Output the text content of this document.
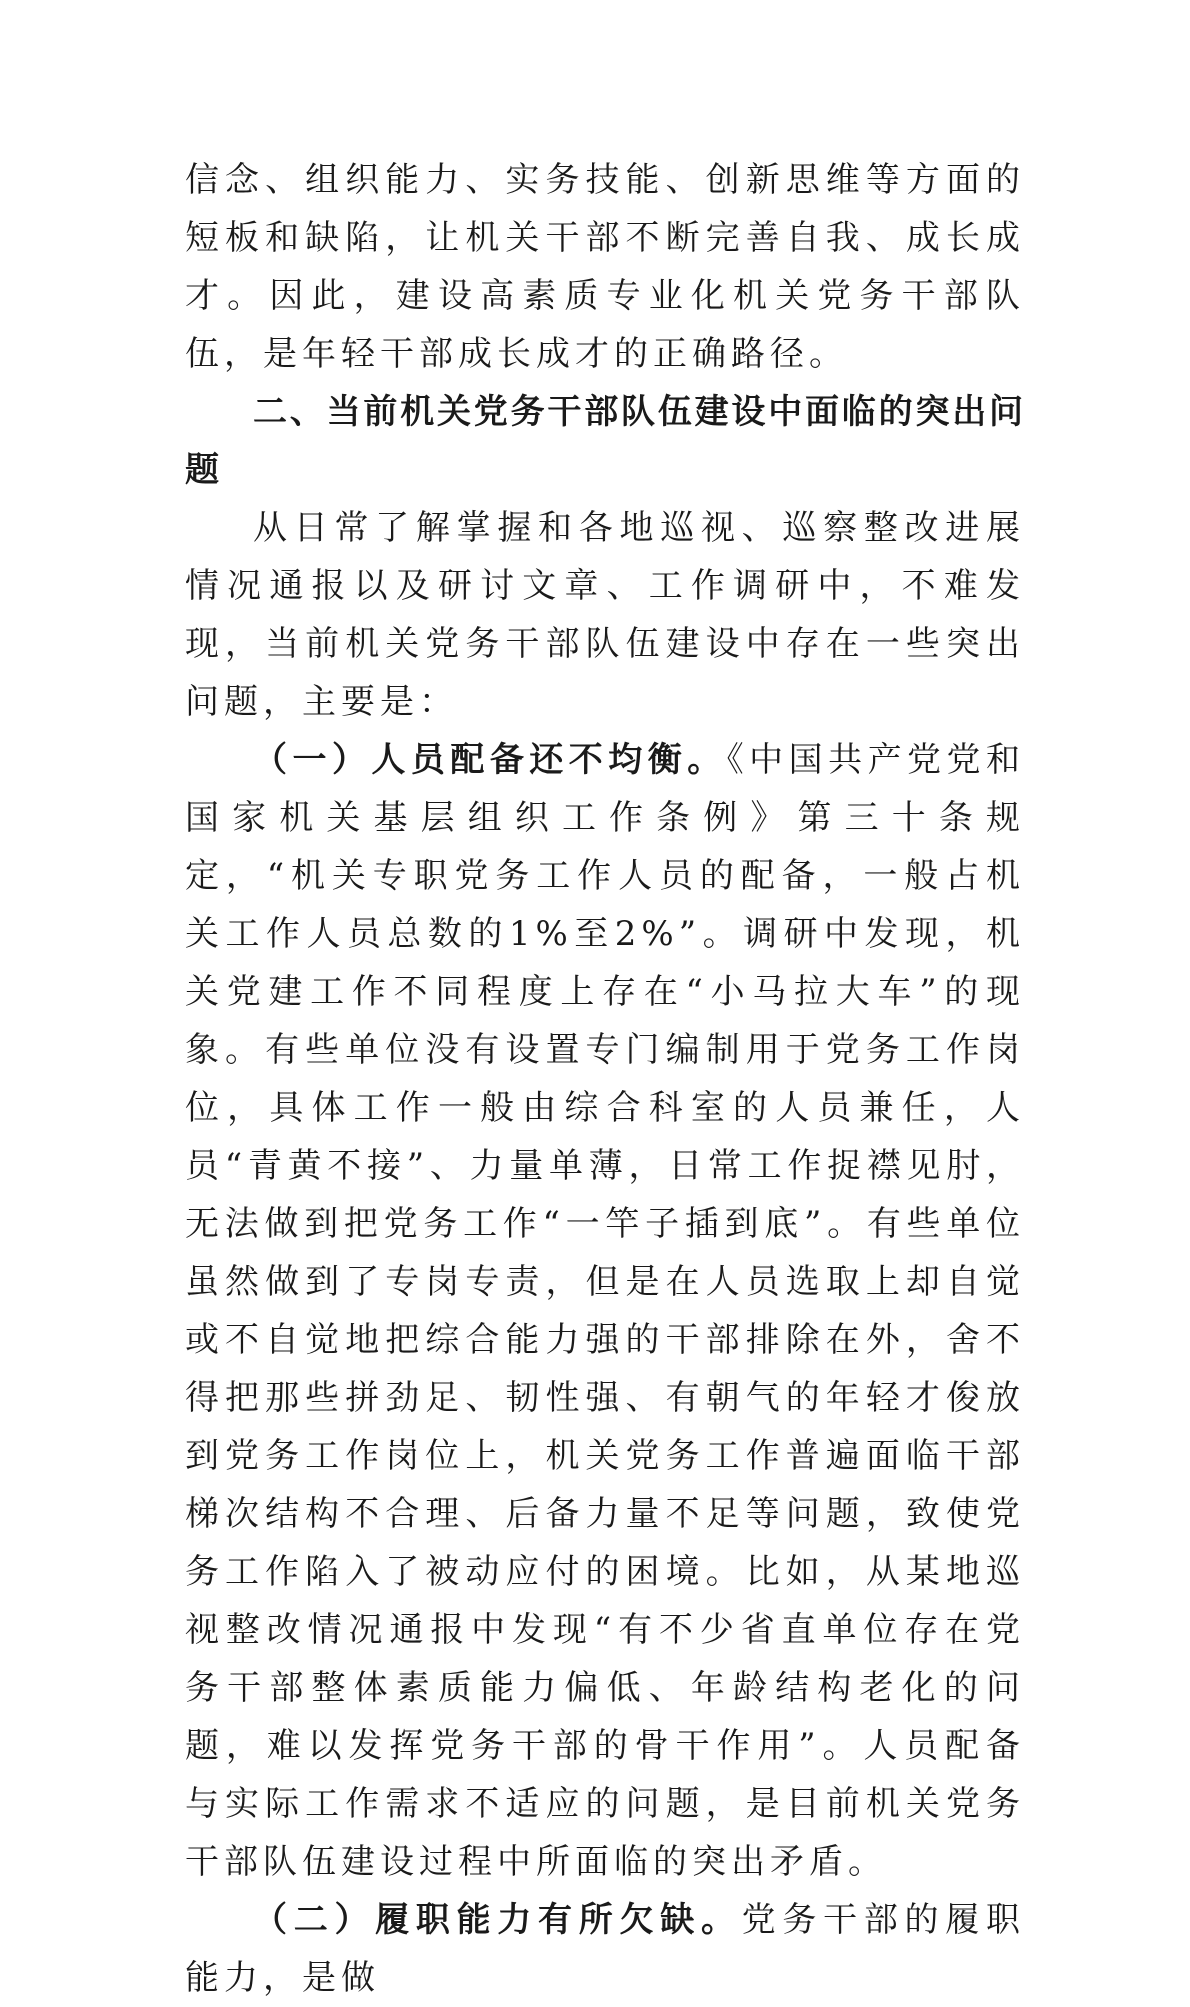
信念、组织能力、实务技能、创新思维等方面的短板和缺陷，让机关干部不断完善自我、成长成才。因此，建设高素质专业化机关党务干部队伍，是年轻干部成长成才的正确路径。

二、当前机关党务干部队伍建设中面临的突出问题

从日常了解掌握和各地巡视、巡察整改进展情况通报以及研讨文章、工作调研中，不难发现，当前机关党务干部队伍建设中存在一些突出问题，主要是：

（一）人员配备还不均衡。《中国共产党党和国家机关基层组织工作条例》第三十条规定，“机关专职党务工作人员的配备，一般占机关工作人员总数的1%至2%”。调研中发现，机关党建工作不同程度上存在“小马拉大车”的现象。有些单位没有设置专门编制用于党务工作岗位，具体工作一般由综合科室的人员兼任，人员“青黄不接”、力量单薄，日常工作捉襟见肘，无法做到把党务工作“一竿子插到底”。有些单位虽然做到了专岗专责，但是在人员选取上却自觉或不自觉地把综合能力强的干部排除在外，舍不得把那些拼劲足、韧性强、有朝气的年轻才俊放到党务工作岗位上，机关党务工作普遍面临干部梯次结构不合理、后备力量不足等问题，致使党务工作陷入了被动应付的困境。比如，从某地巡视整改情况通报中发现“有不少省直单位存在党务干部整体素质能力偏低、年龄结构老化的问题，难以发挥党务干部的骨干作用”。人员配备与实际工作需求不适应的问题，是目前机关党务干部队伍建设过程中所面临的突出矛盾。

（二）履职能力有所欠缺。党务干部的履职能力，是做
